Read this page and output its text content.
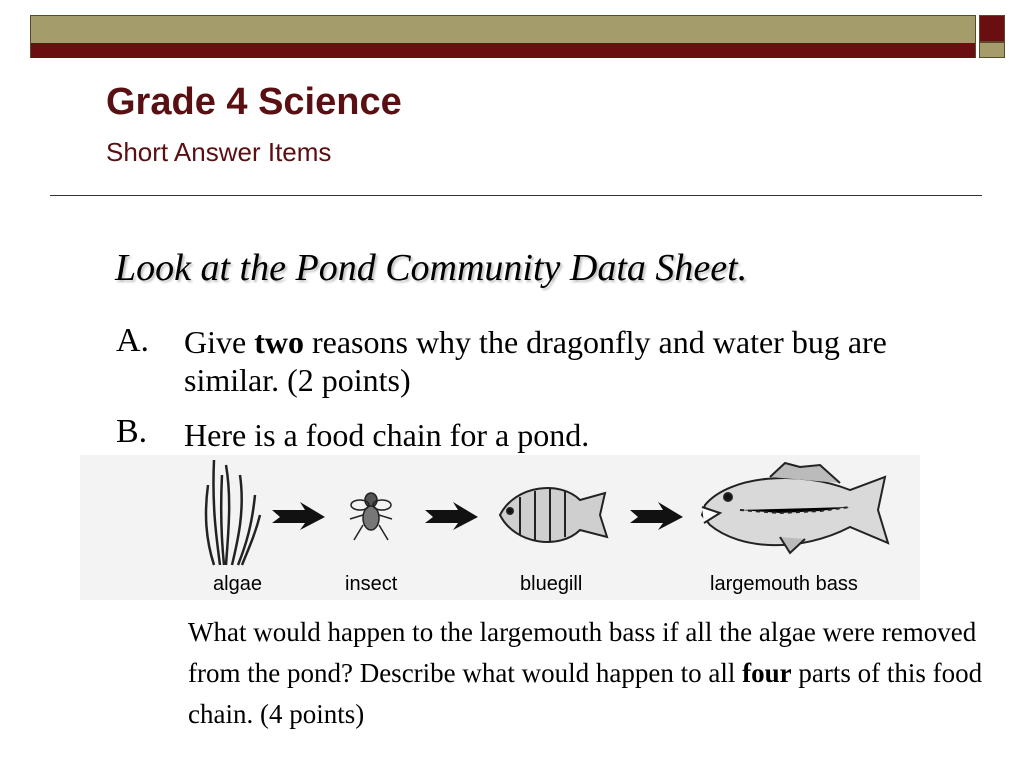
Grade 4 Science
Short Answer Items
Look at the Pond Community Data Sheet.
A. Give two reasons why the dragonfly and water bug are similar. (2 points)
B. Here is a food chain for a pond.
algae	insect	bluegill	largemouth bass
What would happen to the largemouth bass if all the algae were removed from the pond? Describe what would happen to all four parts of this food chain. (4 points)
